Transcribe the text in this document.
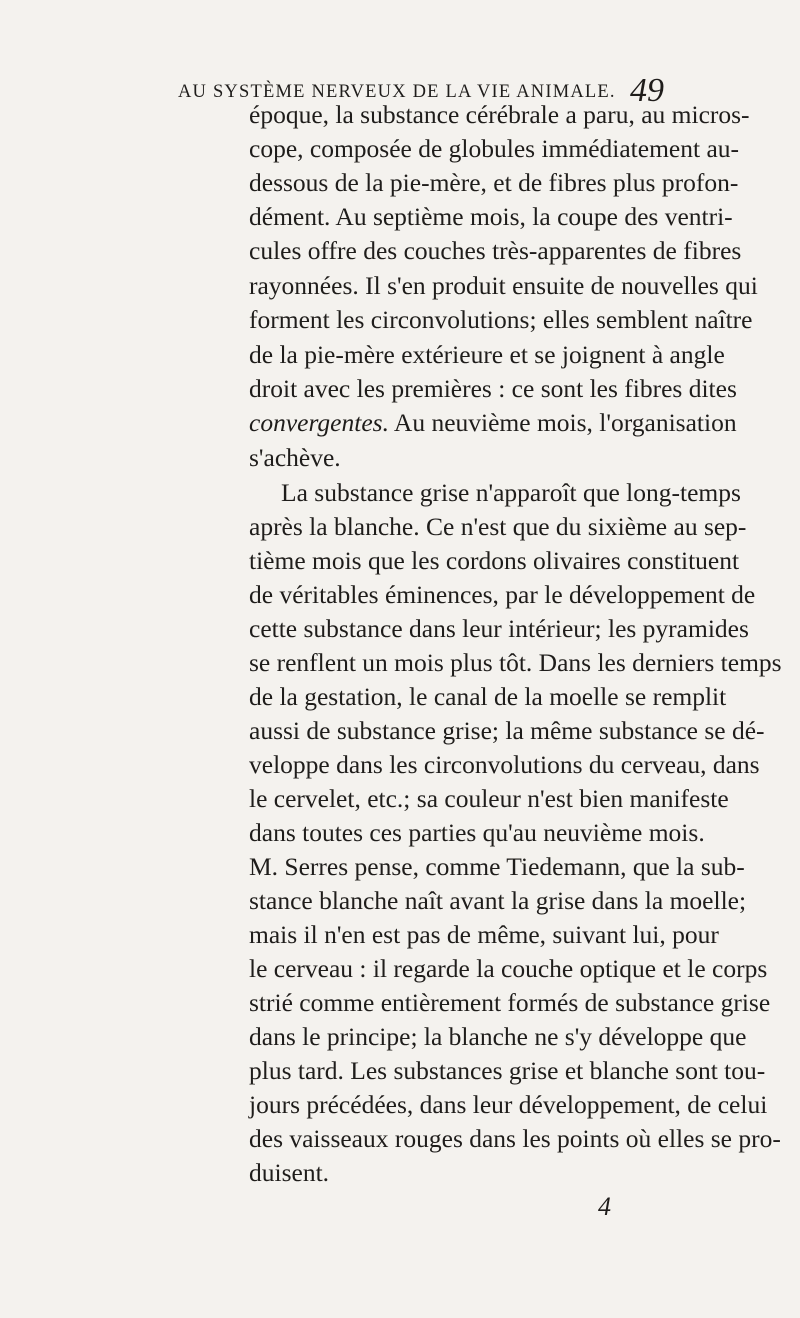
AU SYSTÈME NERVEUX DE LA VIE ANIMALE. 49
époque, la substance cérébrale a paru, au micros-
cope, composée de globules immédiatement au-
dessous de la pie-mère, et de fibres plus profon-
dément. Au septième mois, la coupe des ventri-
cules offre des couches très-apparentes de fibres
rayonnées. Il s'en produit ensuite de nouvelles qui
forment les circonvolutions; elles semblent naître
de la pie-mère extérieure et se joignent à angle
droit avec les premières : ce sont les fibres dites
convergentes. Au neuvième mois, l'organisation
s'achève.
La substance grise n'apparoît que long-temps
après la blanche. Ce n'est que du sixième au sep-
tième mois que les cordons olivaires constituent
de véritables éminences, par le développement de
cette substance dans leur intérieur; les pyramides
se renflent un mois plus tôt. Dans les derniers temps
de la gestation, le canal de la moelle se remplit
aussi de substance grise; la même substance se dé-
veloppe dans les circonvolutions du cerveau, dans
le cervelet, etc.; sa couleur n'est bien manifeste
dans toutes ces parties qu'au neuvième mois.
M. Serres pense, comme Tiedemann, que la sub-
stance blanche naît avant la grise dans la moelle;
mais il n'en est pas de même, suivant lui, pour
le cerveau : il regarde la couche optique et le corps
strié comme entièrement formés de substance grise
dans le principe; la blanche ne s'y développe que
plus tard. Les substances grise et blanche sont tou-
jours précédées, dans leur développement, de celui
des vaisseaux rouges dans les points où elles se pro-
duisent.
4
